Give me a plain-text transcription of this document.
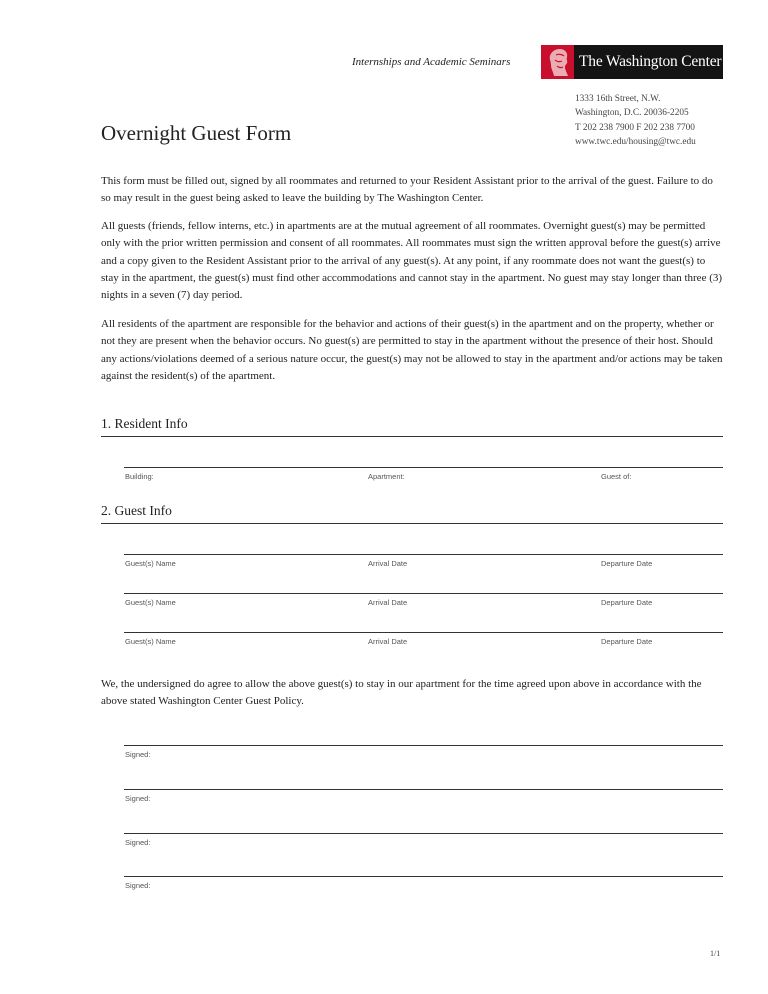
Internships and Academic Seminars	The Washington Center
1333 16th Street, N.W.
Washington, D.C. 20036-2205
T 202 238 7900 F 202 238 7700
www.twc.edu/housing@twc.edu
Overnight Guest Form

This form must be filled out, signed by all roommates and returned to your Resident Assistant prior to the arrival of the guest. Failure to do so may result in the guest being asked to leave the building by The Washington Center.

All guests (friends, fellow interns, etc.) in apartments are at the mutual agreement of all roommates. Overnight guest(s) may be permitted only with the prior written permission and consent of all roommates. All roommates must sign the written approval before the guest(s) arrive and a copy given to the Resident Assistant prior to the arrival of any guest(s). At any point, if any roommate does not want the guest(s) to stay in the apartment, the guest(s) must find other accommodations and cannot stay in the apartment. No guest may stay longer than three (3) nights in a seven (7) day period.

All residents of the apartment are responsible for the behavior and actions of their guest(s) in the apartment and on the property, whether or not they are present when the behavior occurs. No guest(s) are permitted to stay in the apartment without the presence of their host. Should any actions/violations deemed of a serious nature occur, the guest(s) may not be allowed to stay in the apartment and/or actions may be taken against the resident(s) of the apartment.

1. Resident Info
Building:	Apartment:	Guest of:
2. Guest Info
Guest(s) Name	Arrival Date	Departure Date
Guest(s) Name	Arrival Date	Departure Date
Guest(s) Name	Arrival Date	Departure Date

We, the undersigned do agree to allow the above guest(s) to stay in our apartment for the time agreed upon above in accordance with the above stated Washington Center Guest Policy.

Signed:
Signed:
Signed:
Signed:
1/1
